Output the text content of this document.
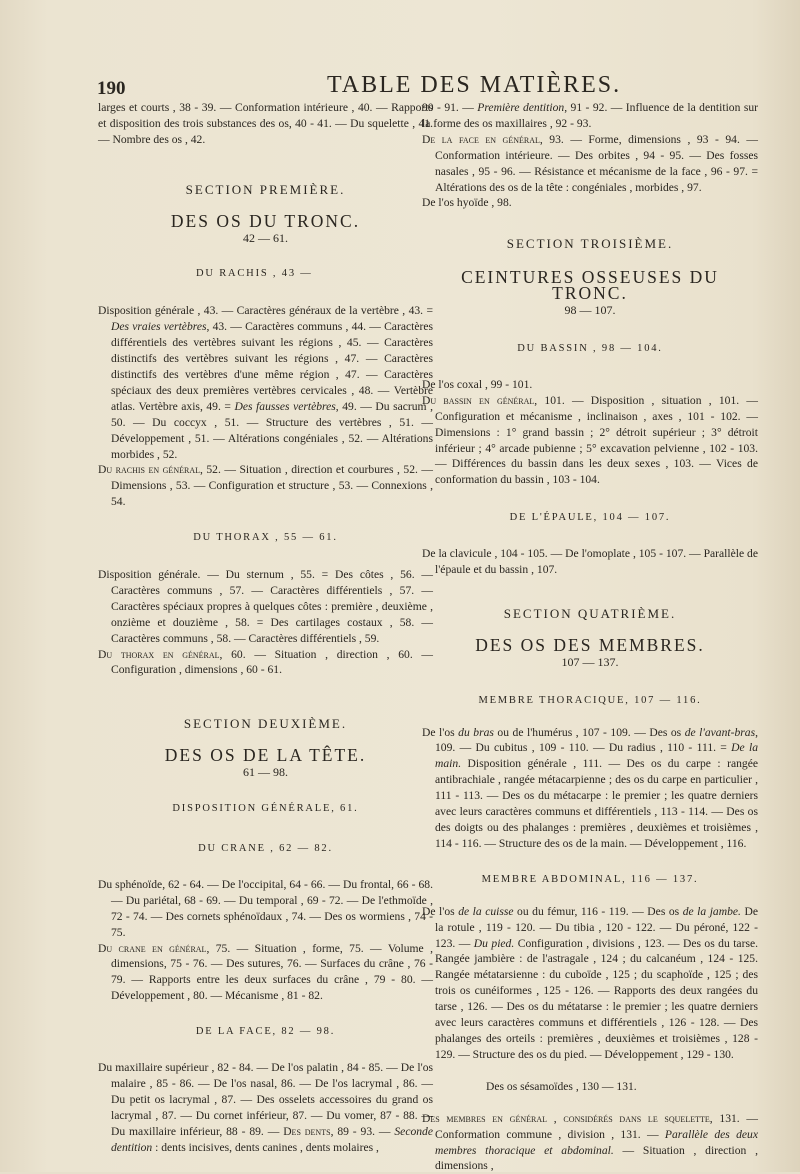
190	TABLE DES MATIÈRES.

larges et courts , 38 - 39. — Conformation intérieure , 40. — Rapports et disposition des trois substances des os, 40 - 41. — Du squelette , 41. — Nombre des os , 42.

SECTION PREMIÈRE.

DES OS DU TRONC.

42 — 61.

DU RACHIS , 43 —

Disposition générale , 43. — Caractères généraux de la vertèbre , 43. = Des vraies vertèbres, 43. — Caractères communs , 44. — Caractères différentiels des vertèbres suivant les régions , 45. — Caractères distinctifs des vertèbres suivant les régions , 47. — Caractères distinctifs des vertèbres d'une même région , 47. — Caractères spéciaux des deux premières vertèbres cervicales , 48. — Vertèbre atlas. Vertèbre axis, 49. = Des fausses vertèbres, 49. — Du sacrum , 50. — Du coccyx , 51. — Structure des vertèbres , 51. — Développement , 51. — Altérations congéniales , 52. — Altérations morbides , 52.

Du rachis en général, 52. — Situation , direction et courbures , 52. — Dimensions , 53. — Configuration et structure , 53. — Connexions , 54.

DU THORAX , 55 — 61.

Disposition générale. — Du sternum , 55. = Des côtes , 56. — Caractères communs , 57. — Caractères différentiels , 57. — Caractères spéciaux propres à quelques côtes : première , deuxième , onzième et douzième , 58. = Des cartilages costaux , 58. — Caractères communs , 58. — Caractères différentiels , 59.

Du thorax en général, 60. — Situation , direction , 60. — Configuration , dimensions , 60 - 61.

SECTION DEUXIÈME.

DES OS DE LA TÊTE.

61 — 98.

DISPOSITION GÉNÉRALE, 61.

DU CRANE , 62 — 82.

Du sphénoïde, 62 - 64. — De l'occipital, 64 - 66. — Du frontal, 66 - 68. — Du pariétal, 68 - 69. — Du temporal , 69 - 72. — De l'ethmoïde , 72 - 74. — Des cornets sphénoïdaux , 74. — Des os wormiens , 74 - 75.

Du crane en général, 75. — Situation , forme, 75. — Volume , dimensions, 75 - 76. — Des sutures, 76. — Surfaces du crâne , 76 - 79. — Rapports entre les deux surfaces du crâne , 79 - 80. — Développement , 80. — Mécanisme , 81 - 82.

DE LA FACE, 82 — 98.

Du maxillaire supérieur , 82 - 84. — De l'os palatin , 84 - 85. — De l'os malaire , 85 - 86. — De l'os nasal, 86. — De l'os lacrymal , 86. — Du petit os lacrymal , 87. — Des osselets accessoires du grand os lacrymal , 87. — Du cornet inférieur, 87. — Du vomer, 87 - 88. — Du maxillaire inférieur, 88 - 89. — Des dents, 89 - 93. — Seconde dentition : dents incisives, dents canines , dents molaires ,

90 - 91. — Première dentition, 91 - 92. — Influence de la dentition sur la forme des os maxillaires , 92 - 93.

De la face en général, 93. — Forme, dimensions , 93 - 94. — Conformation intérieure. — Des orbites , 94 - 95. — Des fosses nasales , 95 - 96. — Résistance et mécanisme de la face , 96 - 97. = Altérations des os de la tête : congéniales , morbides , 97.

De l'os hyoïde , 98.

SECTION TROISIÈME.

CEINTURES OSSEUSES DU TRONC.

98 — 107.

DU BASSIN , 98 — 104.

De l'os coxal , 99 - 101.

Du bassin en général, 101. — Disposition , situation , 101. — Configuration et mécanisme , inclinaison , axes , 101 - 102. — Dimensions : 1° grand bassin ; 2° détroit supérieur ; 3° détroit inférieur ; 4° arcade pubienne ; 5° excavation pelvienne , 102 - 103. — Différences du bassin dans les deux sexes , 103. — Vices de conformation du bassin , 103 - 104.

DE L'ÉPAULE, 104 — 107.

De la clavicule , 104 - 105. — De l'omoplate , 105 - 107. — Parallèle de l'épaule et du bassin , 107.

SECTION QUATRIÈME.

DES OS DES MEMBRES.

107 — 137.

MEMBRE THORACIQUE, 107 — 116.

De l'os du bras ou de l'humérus , 107 - 109. — Des os de l'avant-bras, 109. — Du cubitus , 109 - 110. — Du radius , 110 - 111. = De la main. Disposition générale , 111. — Des os du carpe : rangée antibrachiale , rangée métacarpienne ; des os du carpe en particulier , 111 - 113. — Des os du métacarpe : le premier ; les quatre derniers avec leurs caractères communs et différentiels , 113 - 114. — Des os des doigts ou des phalanges : premières , deuxièmes et troisièmes , 114 - 116. — Structure des os de la main. — Développement , 116.

MEMBRE ABDOMINAL, 116 — 137.

De l'os de la cuisse ou du fémur, 116 - 119. — Des os de la jambe. De la rotule , 119 - 120. — Du tibia , 120 - 122. — Du péroné, 122 - 123. — Du pied. Configuration , divisions , 123. — Des os du tarse. Rangée jambière : de l'astragale , 124 ; du calcanéum , 124 - 125. Rangée métatarsienne : du cuboïde , 125 ; du scaphoïde , 125 ; des trois os cunéiformes , 125 - 126. — Rapports des deux rangées du tarse , 126. — Des os du métatarse : le premier ; les quatre derniers avec leurs caractères communs et différentiels , 126 - 128. — Des phalanges des orteils : premières , deuxièmes et troisièmes , 128 - 129. — Structure des os du pied. — Développement , 129 - 130.

Des os sésamoïdes , 130 — 131.

Des membres en général , considérés dans le squelette, 131. — Conformation commune , division , 131. — Parallèle des deux membres thoracique et abdominal. — Situation , direction , dimensions ,
